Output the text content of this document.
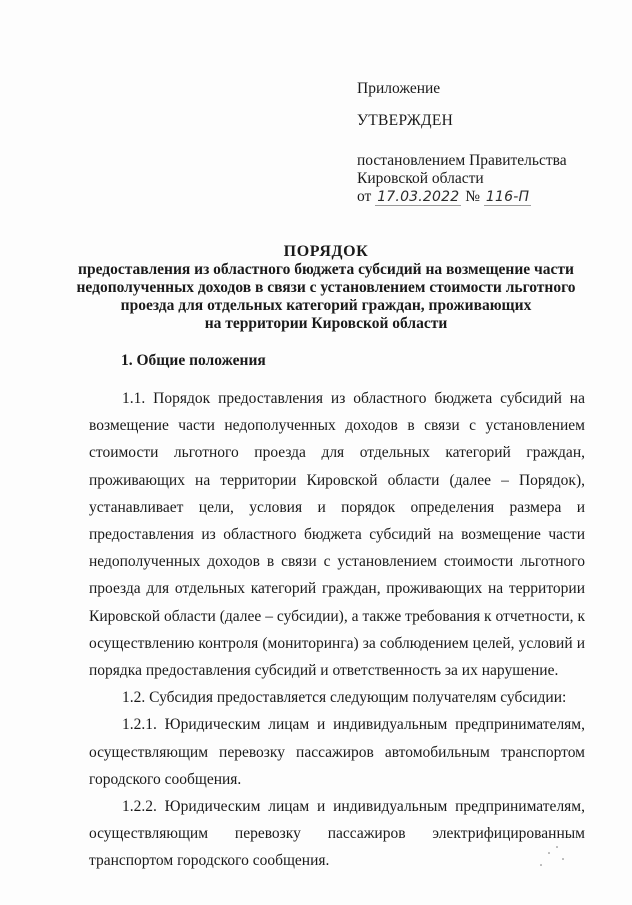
Приложение

УТВЕРЖДЕН

постановлением Правительства

Кировской области

от 17.03.2022 № 116-П

ПОРЯДОК
предоставления из областного бюджета субсидий на возмещение части
недополученных доходов в связи с установлением стоимости льготного
проезда для отдельных категорий граждан, проживающих
на территории Кировской области
1. Общие положения

1.1. Порядок предоставления из областного бюджета субсидий на возмещение части недополученных доходов в связи с установлением стоимости льготного проезда для отдельных категорий граждан, проживающих на территории Кировской области (далее – Порядок), устанавливает цели, условия и порядок определения размера и предоставления из областного бюджета субсидий на возмещение части недополученных доходов в связи с установлением стоимости льготного проезда для отдельных категорий граждан, проживающих на территории Кировской области (далее – субсидии), а также требования к отчетности, к осуществлению контроля (мониторинга) за соблюдением целей, условий и порядка предоставления субсидий и ответственность за их нарушение.

1.2. Субсидия предоставляется следующим получателям субсидии:

1.2.1. Юридическим лицам и индивидуальным предпринимателям, осуществляющим перевозку пассажиров автомобильным транспортом городского сообщения.

1.2.2. Юридическим лицам и индивидуальным предпринимателям, осуществляющим перевозку пассажиров электрифицированным транспортом городского сообщения.
